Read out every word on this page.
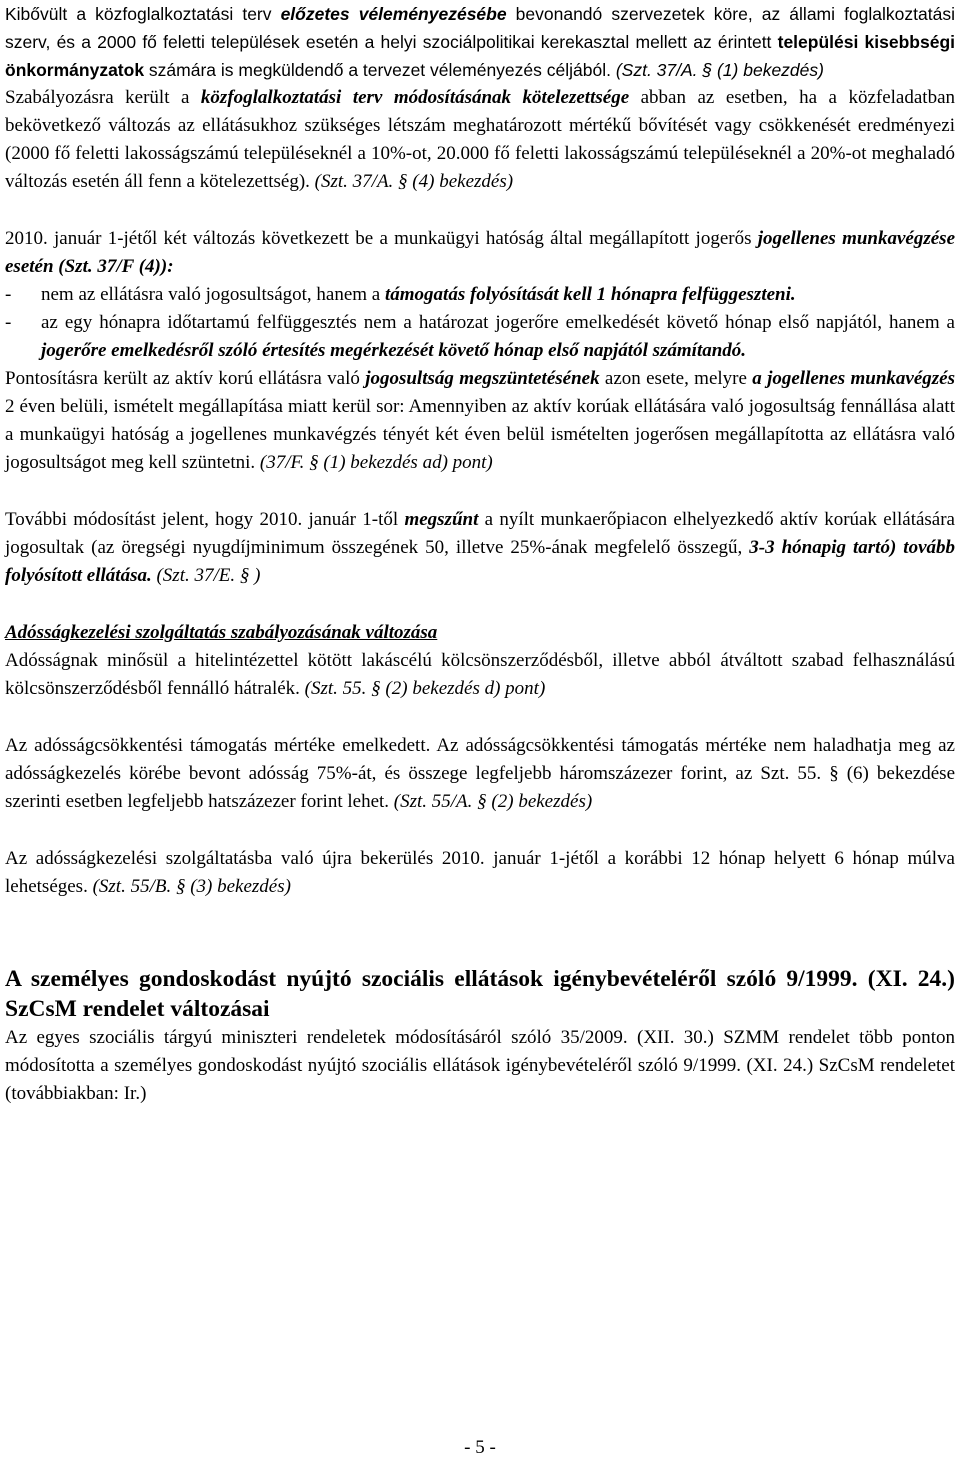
Kibővült a közfoglalkoztatási terv előzetes véleményezésébe bevonandó szervezetek köre, az állami foglalkoztatási szerv, és a 2000 fő feletti települések esetén a helyi szociálpolitikai kerekasztal mellett az érintett települési kisebbségi önkormányzatok számára is megküldendő a tervezet véleményezés céljából. (Szt. 37/A. § (1) bekezdés)

Szabályozásra került a közfoglalkoztatási terv módosításának kötelezettsége abban az esetben, ha a közfeladatban bekövetkező változás az ellátásukhoz szükséges létszám meghatározott mértékű bővítését vagy csökkenését eredményezi (2000 fő feletti lakosságszámú településeknél a 10%-ot, 20.000 fő feletti lakosságszámú településeknél a 20%-ot meghaladó változás esetén áll fenn a kötelezettség). (Szt. 37/A. § (4) bekezdés)

2010. január 1-jétől két változás következett be a munkaügyi hatóság által megállapított jogerős jogellenes munkavégzése esetén (Szt. 37/F (4)):

- nem az ellátásra való jogosultságot, hanem a támogatás folyósítását kell 1 hónapra felfüggeszteni.
- az egy hónapra időtartamú felfüggesztés nem a határozat jogerőre emelkedését követő hónap első napjától, hanem a jogerőre emelkedésről szóló értesítés megérkezését követő hónap első napjától számítandó.

Pontosításra került az aktív korú ellátásra való jogosultság megszüntetésének azon esete, melyre a jogellenes munkavégzés 2 éven belüli, ismételt megállapítása miatt kerül sor: Amennyiben az aktív korúak ellátására való jogosultság fennállása alatt a munkaügyi hatóság a jogellenes munkavégzés tényét két éven belül ismételten jogerősen megállapította az ellátásra való jogosultságot meg kell szüntetni. (37/F. § (1) bekezdés ad) pont)

További módosítást jelent, hogy 2010. január 1-től megszűnt a nyílt munkaerőpiacon elhelyezkedő aktív korúak ellátására jogosultak (az öregségi nyugdíjminimum összegének 50, illetve 25%-ának megfelelő összegű, 3-3 hónapig tartó) tovább folyósított ellátása. (Szt. 37/E. § )

Adósságkezelési szolgáltatás szabályozásának változása

Adósságnak minősül a hitelintézettel kötött lakáscélú kölcsönszerződésből, illetve abból átváltott szabad felhasználású kölcsönszerződésből fennálló hátralék. (Szt. 55. § (2) bekezdés d) pont)

Az adósságcsökkentési támogatás mértéke emelkedett. Az adósságcsökkentési támogatás mértéke nem haladhatja meg az adósságkezelés körébe bevont adósság 75%-át, és összege legfeljebb háromszázezer forint, az Szt. 55. § (6) bekezdése szerinti esetben legfeljebb hatszázezer forint lehet. (Szt. 55/A. § (2) bekezdés)

Az adósságkezelési szolgáltatásba való újra bekerülés 2010. január 1-jétől a korábbi 12 hónap helyett 6 hónap múlva lehetséges. (Szt. 55/B. § (3) bekezdés)

A személyes gondoskodást nyújtó szociális ellátások igénybevételéről szóló 9/1999. (XI. 24.) SzCsM rendelet változásai

Az egyes szociális tárgyú miniszteri rendeletek módosításáról szóló 35/2009. (XII. 30.) SZMM rendelet több ponton módosította a személyes gondoskodást nyújtó szociális ellátások igénybevételéről szóló 9/1999. (XI. 24.) SzCsM rendeletet (továbbiakban: Ir.)

- 5 -
